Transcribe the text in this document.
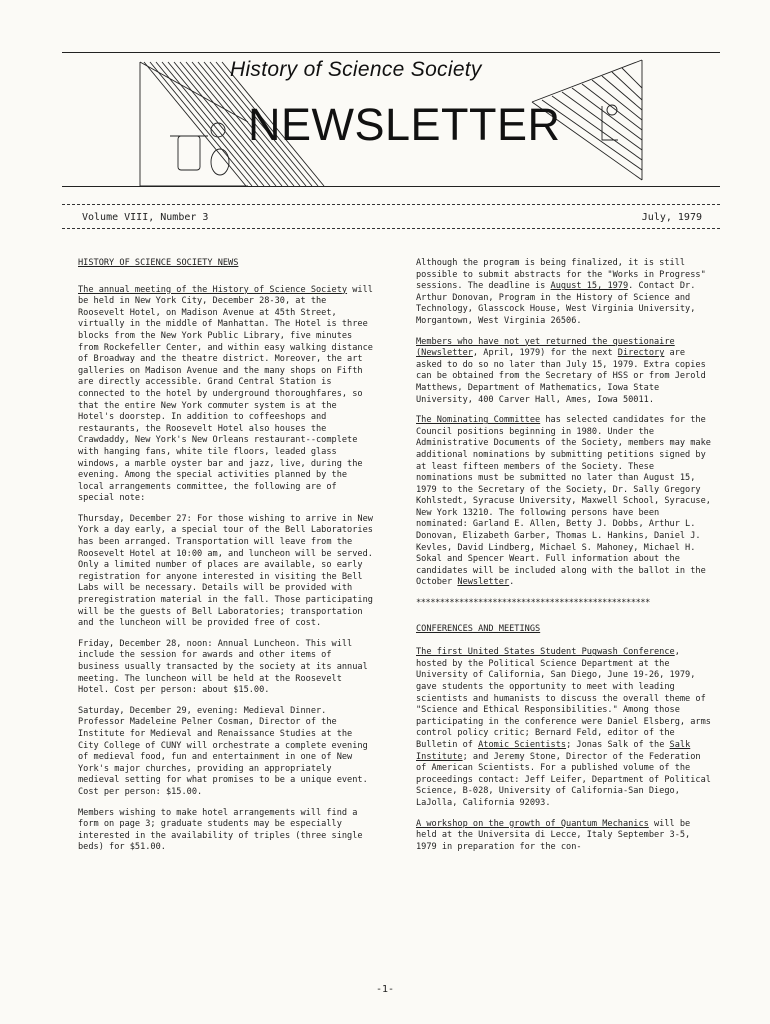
History of Science Society
NEWSLETTER
Volume VIII, Number 3	July, 1979

HISTORY OF SCIENCE SOCIETY NEWS

The annual meeting of the History of Science Society will be held in New York City, December 28-30, at the Roosevelt Hotel, on Madison Avenue at 45th Street, virtually in the middle of Manhattan. The Hotel is three blocks from the New York Public Library, five minutes from Rockefeller Center, and within easy walking distance of Broadway and the theatre district. Moreover, the art galleries on Madison Avenue and the many shops on Fifth are directly accessible. Grand Central Station is connected to the hotel by underground thoroughfares, so that the entire New York commuter system is at the Hotel's doorstep. In addition to coffeeshops and restaurants, the Roosevelt Hotel also houses the Crawdaddy, New York's New Orleans restaurant--complete with hanging fans, white tile floors, leaded glass windows, a marble oyster bar and jazz, live, during the evening. Among the special activities planned by the local arrangements committee, the following are of special note:

Thursday, December 27: For those wishing to arrive in New York a day early, a special tour of the Bell Laboratories has been arranged. Transportation will leave from the Roosevelt Hotel at 10:00 am, and luncheon will be served. Only a limited number of places are available, so early registration for anyone interested in visiting the Bell Labs will be necessary. Details will be provided with preregistration material in the fall. Those participating will be the guests of Bell Laboratories; transportation and the luncheon will be provided free of cost.

Friday, December 28, noon: Annual Luncheon. This will include the session for awards and other items of business usually transacted by the society at its annual meeting. The luncheon will be held at the Roosevelt Hotel. Cost per person: about $15.00.

Saturday, December 29, evening: Medieval Dinner. Professor Madeleine Pelner Cosman, Director of the Institute for Medieval and Renaissance Studies at the City College of CUNY will orchestrate a complete evening of medieval food, fun and entertainment in one of New York's major churches, providing an appropriately medieval setting for what promises to be a unique event. Cost per person: $15.00.

Members wishing to make hotel arrangements will find a form on page 3; graduate students may be especially interested in the availability of triples (three single beds) for $51.00.

Although the program is being finalized, it is still possible to submit abstracts for the "Works in Progress" sessions. The deadline is August 15, 1979. Contact Dr. Arthur Donovan, Program in the History of Science and Technology, Glasscock House, West Virginia University, Morgantown, West Virginia 26506.

Members who have not yet returned the questionaire (Newsletter, April, 1979) for the next Directory are asked to do so no later than July 15, 1979. Extra copies can be obtained from the Secretary of HSS or from Jerold Matthews, Department of Mathematics, Iowa State University, 400 Carver Hall, Ames, Iowa 50011.

The Nominating Committee has selected candidates for the Council positions beginning in 1980. Under the Administrative Documents of the Society, members may make additional nominations by submitting petitions signed by at least fifteen members of the Society. These nominations must be submitted no later than August 15, 1979 to the Secretary of the Society, Dr. Sally Gregory Kohlstedt, Syracuse University, Maxwell School, Syracuse, New York 13210. The following persons have been nominated: Garland E. Allen, Betty J. Dobbs, Arthur L. Donovan, Elizabeth Garber, Thomas L. Hankins, Daniel J. Kevles, David Lindberg, Michael S. Mahoney, Michael H. Sokal and Spencer Weart. Full information about the candidates will be included along with the ballot in the October Newsletter.

*************************************************

CONFERENCES AND MEETINGS

The first United States Student Pugwash Conference, hosted by the Political Science Department at the University of California, San Diego, June 19-26, 1979, gave students the opportunity to meet with leading scientists and humanists to discuss the overall theme of "Science and Ethical Responsibilities." Among those participating in the conference were Daniel Elsberg, arms control policy critic; Bernard Feld, editor of the Bulletin of Atomic Scientists; Jonas Salk of the Salk Institute; and Jeremy Stone, Director of the Federation of American Scientists. For a published volume of the proceedings contact: Jeff Leifer, Department of Political Science, B-028, University of California-San Diego, LaJolla, California 92093.

A workshop on the growth of Quantum Mechanics will be held at the Universita di Lecce, Italy September 3-5, 1979 in preparation for the con-

-1-
